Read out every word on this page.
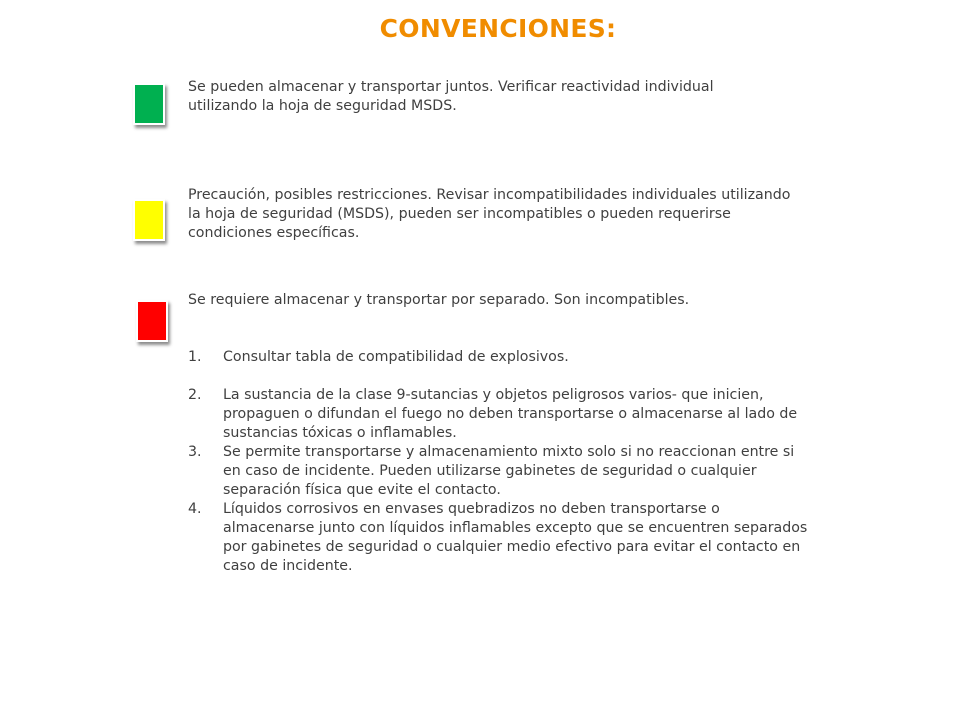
CONVENCIONES:
Se pueden almacenar y transportar juntos. Verificar reactividad individual
utilizando la hoja de seguridad MSDS.
Precaución, posibles restricciones. Revisar incompatibilidades individuales utilizando
la hoja de seguridad (MSDS), pueden ser incompatibles o pueden requerirse
condiciones específicas.
Se requiere almacenar y transportar por separado. Son incompatibles.
1. Consultar tabla de compatibilidad de explosivos.
2. La sustancia de la clase 9-sutancias y objetos peligrosos varios- que inicien,
propaguen o difundan el fuego no deben transportarse o almacenarse al lado de
sustancias tóxicas o inflamables.
3. Se permite transportarse y almacenamiento mixto solo si no reaccionan entre si
en caso de incidente. Pueden utilizarse gabinetes de seguridad o cualquier
separación física que evite el contacto.
4. Líquidos corrosivos en envases quebradizos no deben transportarse o
almacenarse junto con líquidos inflamables excepto que se encuentren separados
por gabinetes de seguridad o cualquier medio efectivo para evitar el contacto en
caso de incidente.
